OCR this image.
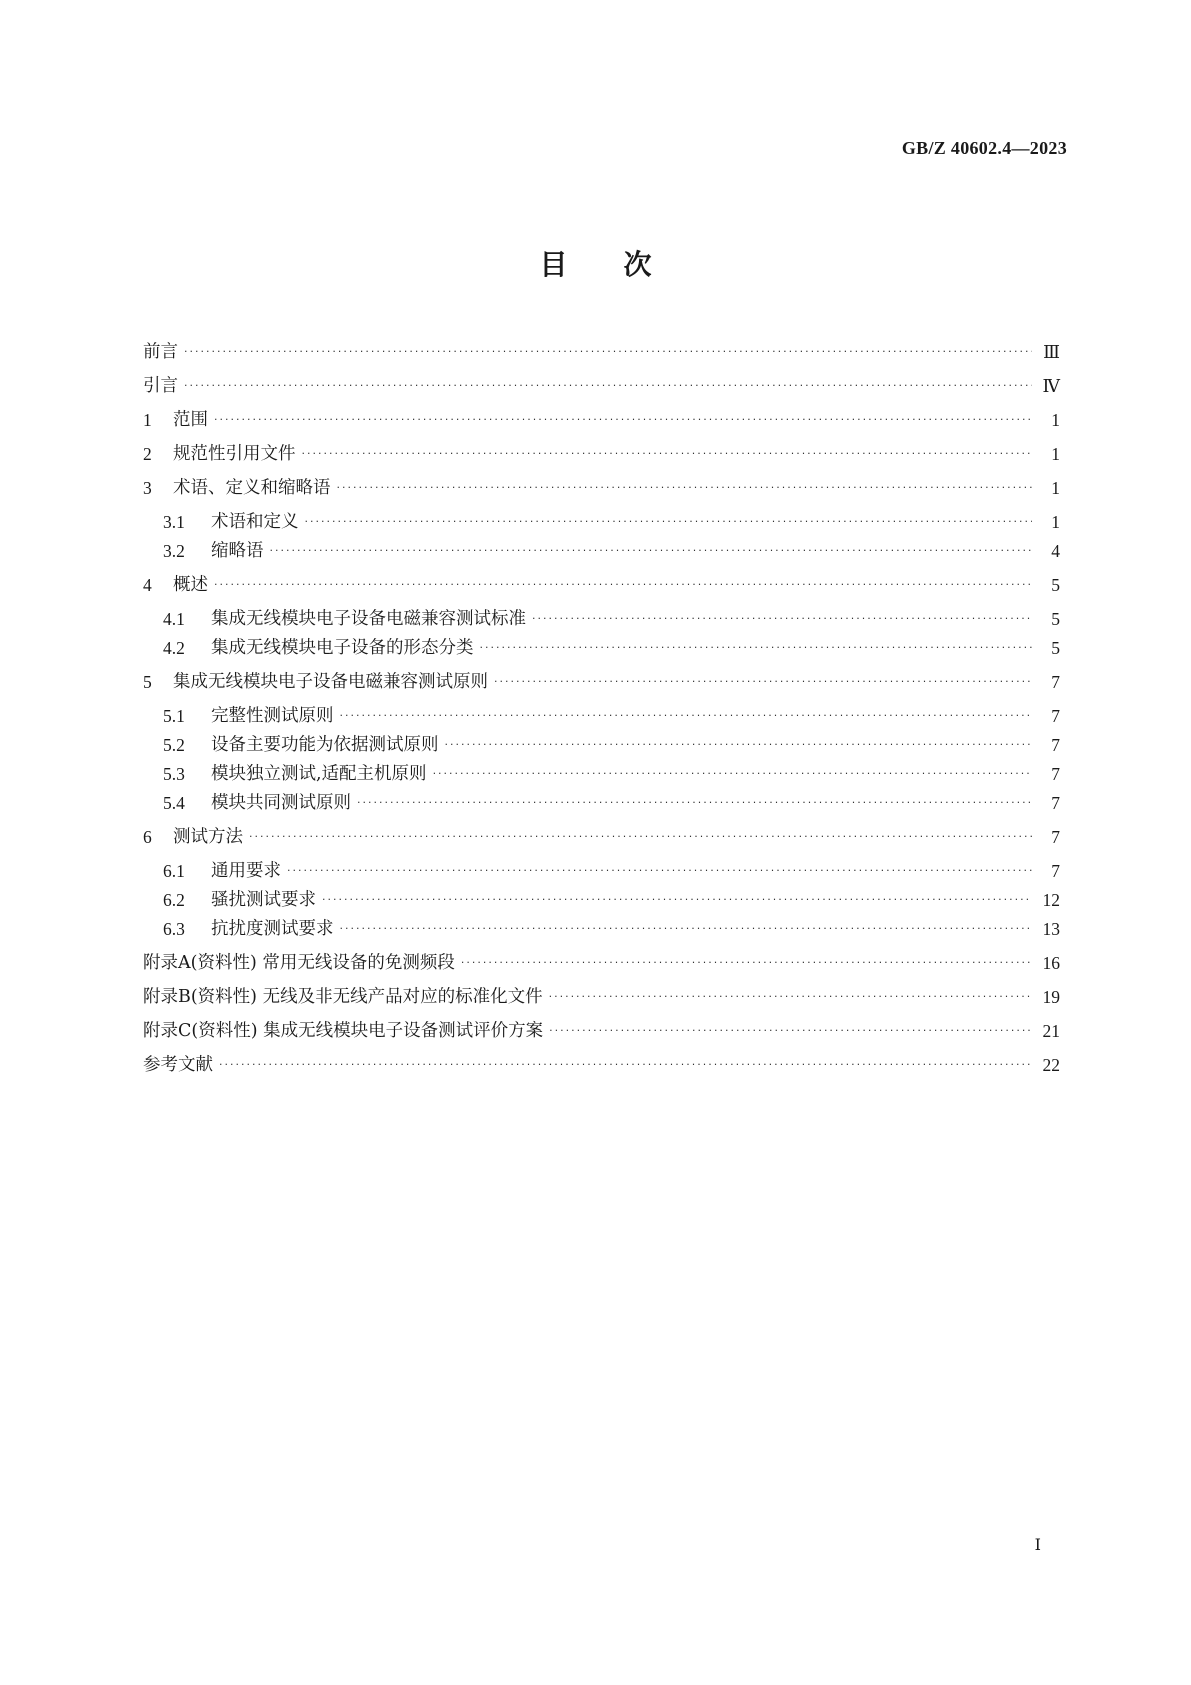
GB/Z 40602.4—2023
目次
前言 ·····	Ⅲ
引言 ·····	Ⅳ
1	范围 ·····	1
2	规范性引用文件 ·····	1
3	术语、定义和缩略语 ·····	1
3.1	术语和定义 ·····	1
3.2	缩略语 ·····	4
4	概述 ·····	5
4.1	集成无线模块电子设备电磁兼容测试标准 ·····	5
4.2	集成无线模块电子设备的形态分类 ·····	5
5	集成无线模块电子设备电磁兼容测试原则 ·····	7
5.1	完整性测试原则 ·····	7
5.2	设备主要功能为依据测试原则 ·····	7
5.3	模块独立测试,适配主机原则 ·····	7
5.4	模块共同测试原则 ·····	7
6	测试方法 ·····	7
6.1	通用要求 ·····	7
6.2	骚扰测试要求 ·····	12
6.3	抗扰度测试要求 ·····	13
附录A(资料性) 常用无线设备的免测频段 ·····	16
附录B(资料性) 无线及非无线产品对应的标准化文件 ·····	19
附录C(资料性) 集成无线模块电子设备测试评价方案 ·····	21
参考文献 ·····	22
Ⅰ
